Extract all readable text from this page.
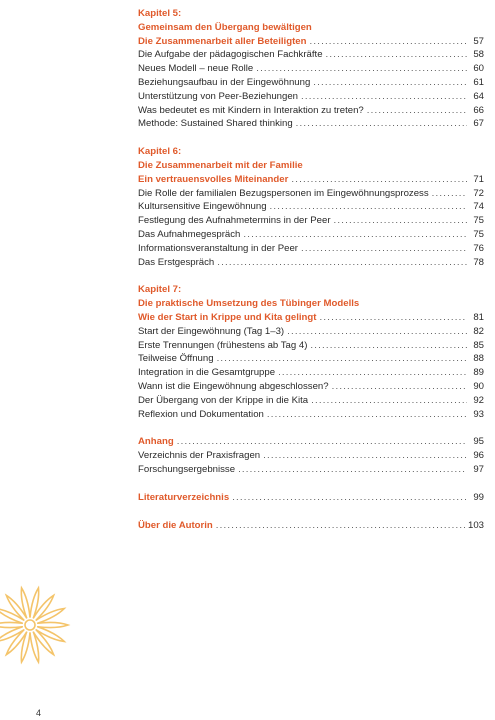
Kapitel 5:
Gemeinsam den Übergang bewältigen
Die Zusammenarbeit aller Beteiligten .....	57
Die Aufgabe der pädagogischen Fachkräfte .....	58
Neues Modell – neue Rolle .....	60
Beziehungsaufbau in der Eingewöhnung .....	61
Unterstützung von Peer-Beziehungen .....	64
Was bedeutet es mit Kindern in Interaktion zu treten? .....	66
Methode: Sustained Shared thinking .....	67
Kapitel 6:
Die Zusammenarbeit mit der Familie
Ein vertrauensvolles Miteinander .....	71
Die Rolle der familialen Bezugspersonen im Eingewöhnungsprozess .....	72
Kultursensitive Eingewöhnung .....	74
Festlegung des Aufnahmetermins in der Peer .....	75
Das Aufnahmegespräch .....	75
Informationsveranstaltung in der Peer .....	76
Das Erstgespräch .....	78
Kapitel 7:
Die praktische Umsetzung des Tübinger Modells
Wie der Start in Krippe und Kita gelingt .....	81
Start der Eingewöhnung (Tag 1–3) .....	82
Erste Trennungen (frühestens ab Tag 4) .....	85
Teilweise Öffnung .....	88
Integration in die Gesamtgruppe .....	89
Wann ist die Eingewöhnung abgeschlossen? .....	90
Der Übergang von der Krippe in die Kita .....	92
Reflexion und Dokumentation .....	93
Anhang .....	95
Verzeichnis der Praxisfragen .....	96
Forschungsergebnisse .....	97
Literaturverzeichnis .....	99
Über die Autorin .....	103
4
